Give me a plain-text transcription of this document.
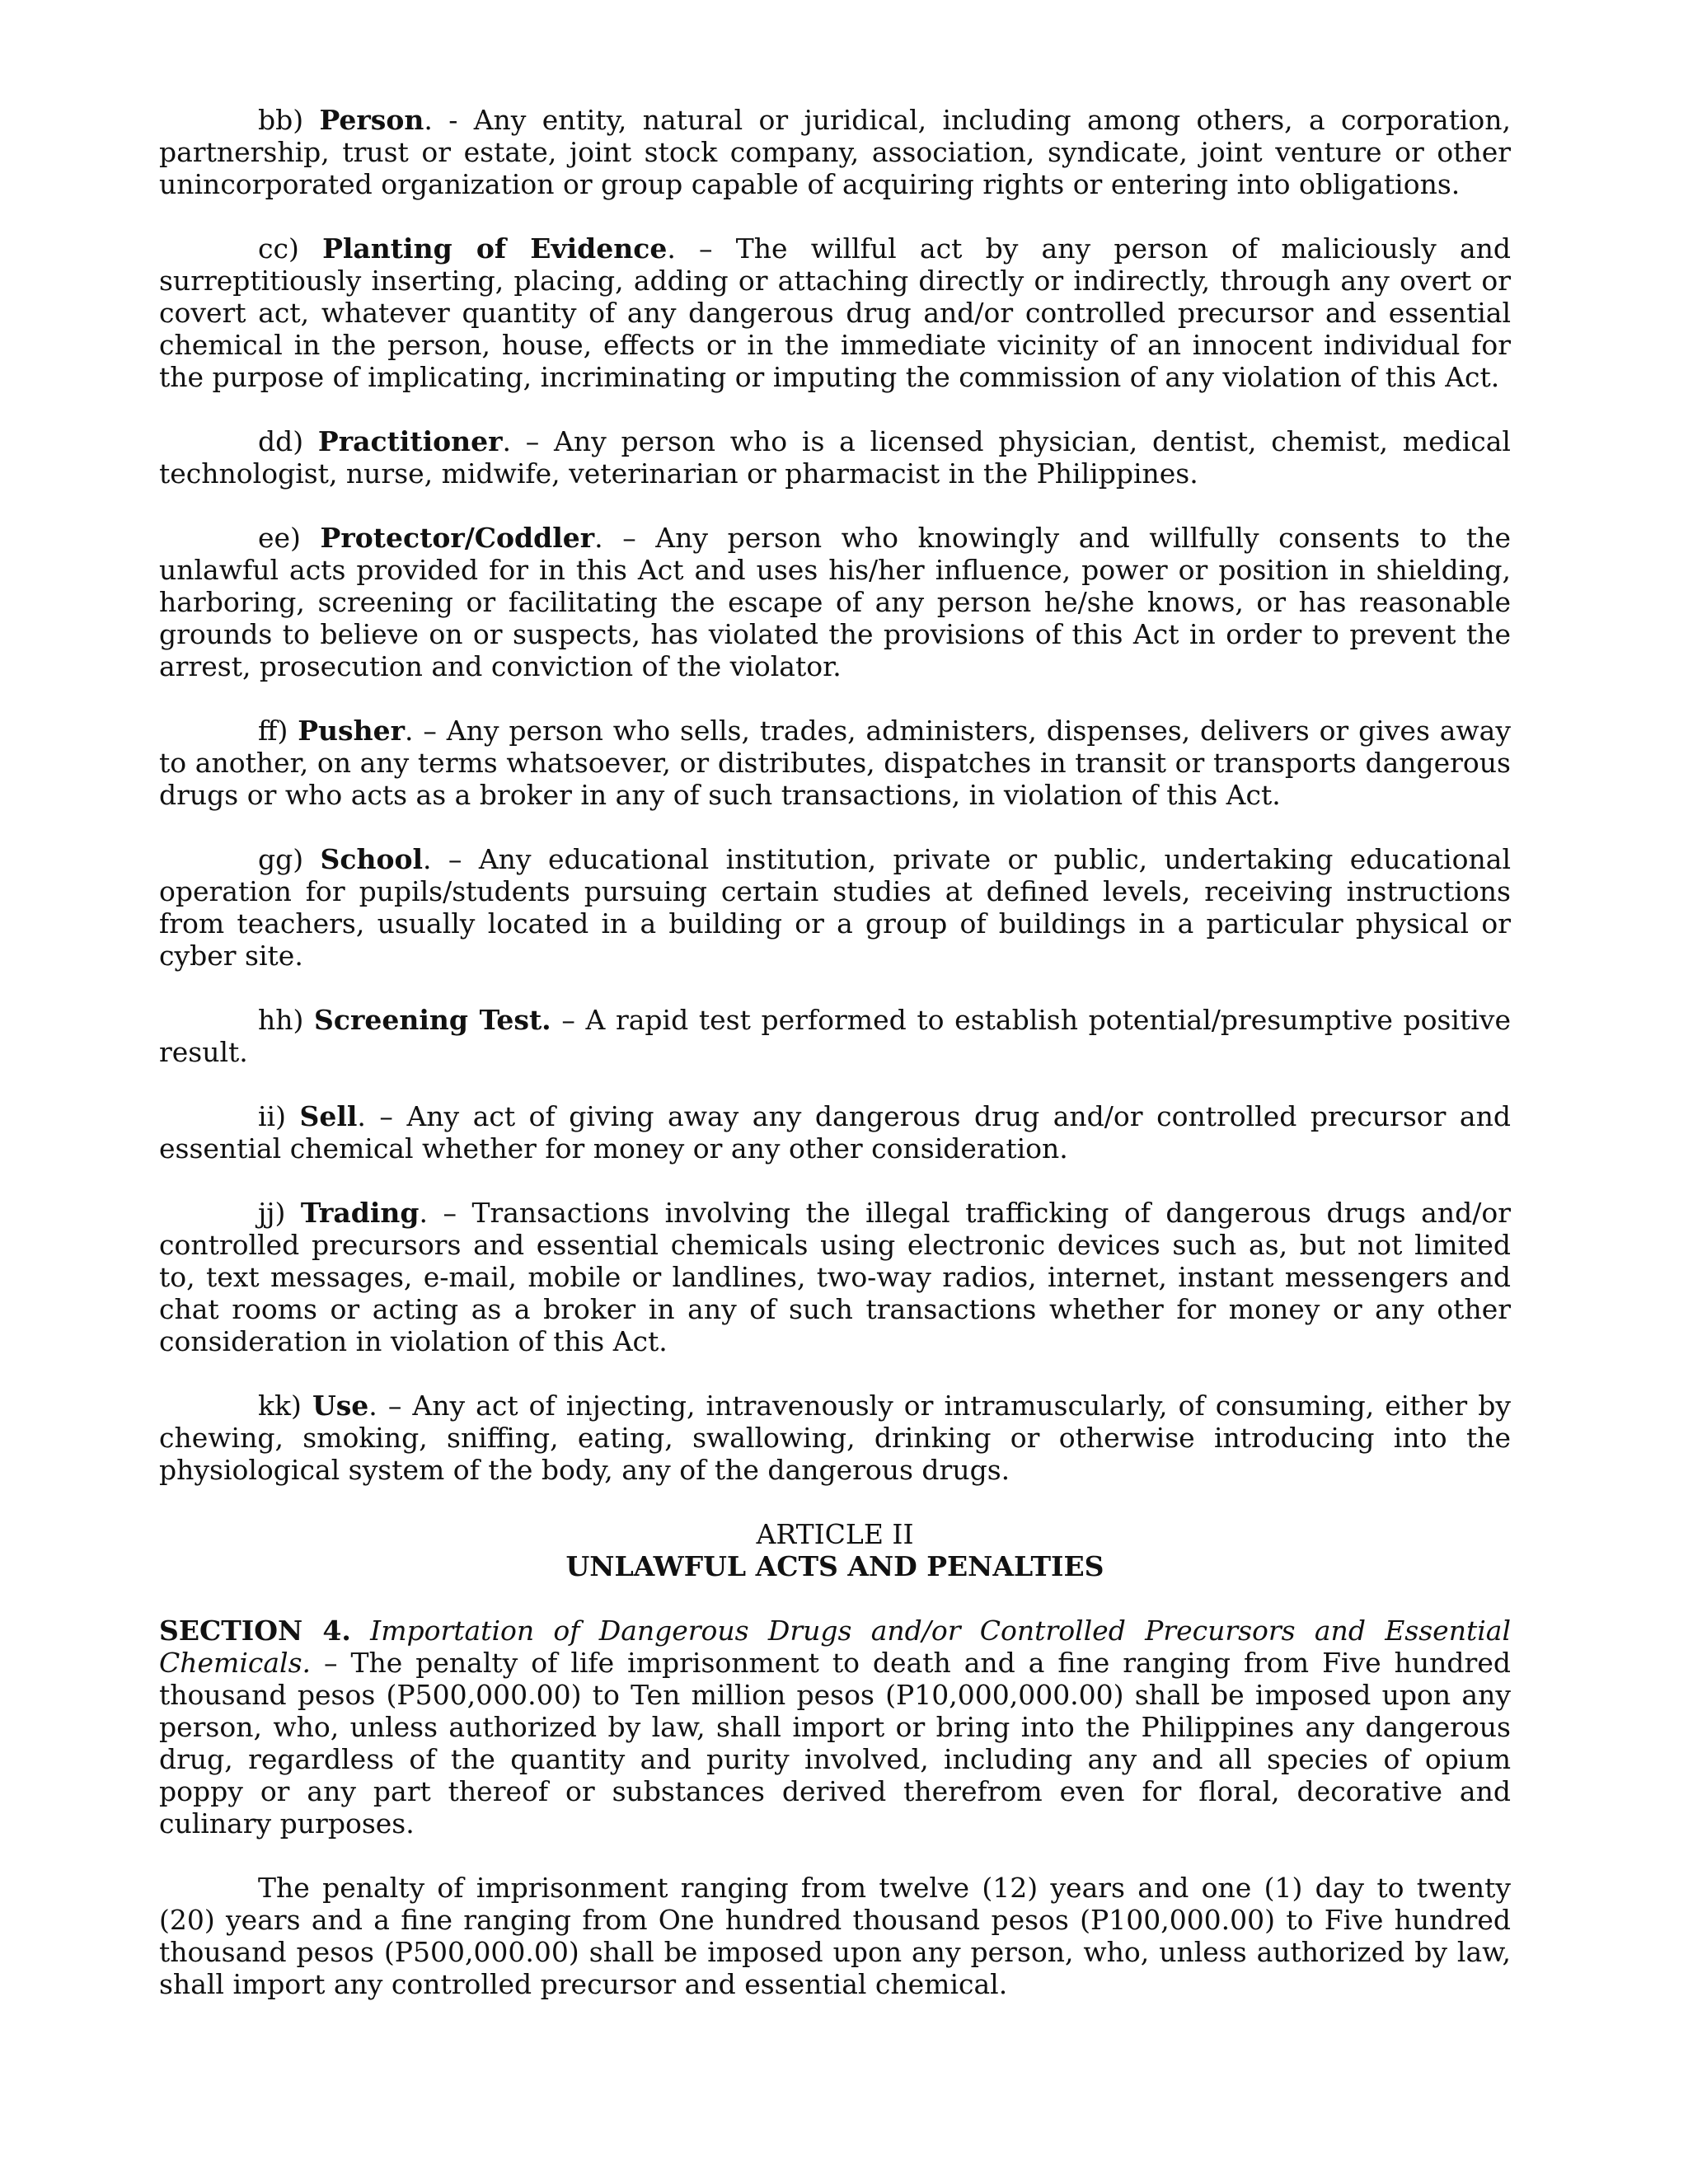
bb) Person. - Any entity, natural or juridical, including among others, a corporation, partnership, trust or estate, joint stock company, association, syndicate, joint venture or other unincorporated organization or group capable of acquiring rights or entering into obligations.

cc) Planting of Evidence. – The willful act by any person of maliciously and surreptitiously inserting, placing, adding or attaching directly or indirectly, through any overt or covert act, whatever quantity of any dangerous drug and/or controlled precursor and essential chemical in the person, house, effects or in the immediate vicinity of an innocent individual for the purpose of implicating, incriminating or imputing the commission of any violation of this Act.

dd) Practitioner. – Any person who is a licensed physician, dentist, chemist, medical technologist, nurse, midwife, veterinarian or pharmacist in the Philippines.

ee) Protector/Coddler. – Any person who knowingly and willfully consents to the unlawful acts provided for in this Act and uses his/her influence, power or position in shielding, harboring, screening or facilitating the escape of any person he/she knows, or has reasonable grounds to believe on or suspects, has violated the provisions of this Act in order to prevent the arrest, prosecution and conviction of the violator.

ff) Pusher. – Any person who sells, trades, administers, dispenses, delivers or gives away to another, on any terms whatsoever, or distributes, dispatches in transit or transports dangerous drugs or who acts as a broker in any of such transactions, in violation of this Act.

gg) School. – Any educational institution, private or public, undertaking educational operation for pupils/students pursuing certain studies at defined levels, receiving instructions from teachers, usually located in a building or a group of buildings in a particular physical or cyber site.

hh) Screening Test. – A rapid test performed to establish potential/presumptive positive result.

ii) Sell. – Any act of giving away any dangerous drug and/or controlled precursor and essential chemical whether for money or any other consideration.

jj) Trading. – Transactions involving the illegal trafficking of dangerous drugs and/or controlled precursors and essential chemicals using electronic devices such as, but not limited to, text messages, e-mail, mobile or landlines, two-way radios, internet, instant messengers and chat rooms or acting as a broker in any of such transactions whether for money or any other consideration in violation of this Act.

kk) Use. – Any act of injecting, intravenously or intramuscularly, of consuming, either by chewing, smoking, sniffing, eating, swallowing, drinking or otherwise introducing into the physiological system of the body, any of the dangerous drugs.

ARTICLE II

UNLAWFUL ACTS AND PENALTIES

SECTION 4. Importation of Dangerous Drugs and/or Controlled Precursors and Essential Chemicals. – The penalty of life imprisonment to death and a fine ranging from Five hundred thousand pesos (P500,000.00) to Ten million pesos (P10,000,000.00) shall be imposed upon any person, who, unless authorized by law, shall import or bring into the Philippines any dangerous drug, regardless of the quantity and purity involved, including any and all species of opium poppy or any part thereof or substances derived therefrom even for floral, decorative and culinary purposes.

The penalty of imprisonment ranging from twelve (12) years and one (1) day to twenty (20) years and a fine ranging from One hundred thousand pesos (P100,000.00) to Five hundred thousand pesos (P500,000.00) shall be imposed upon any person, who, unless authorized by law, shall import any controlled precursor and essential chemical.
